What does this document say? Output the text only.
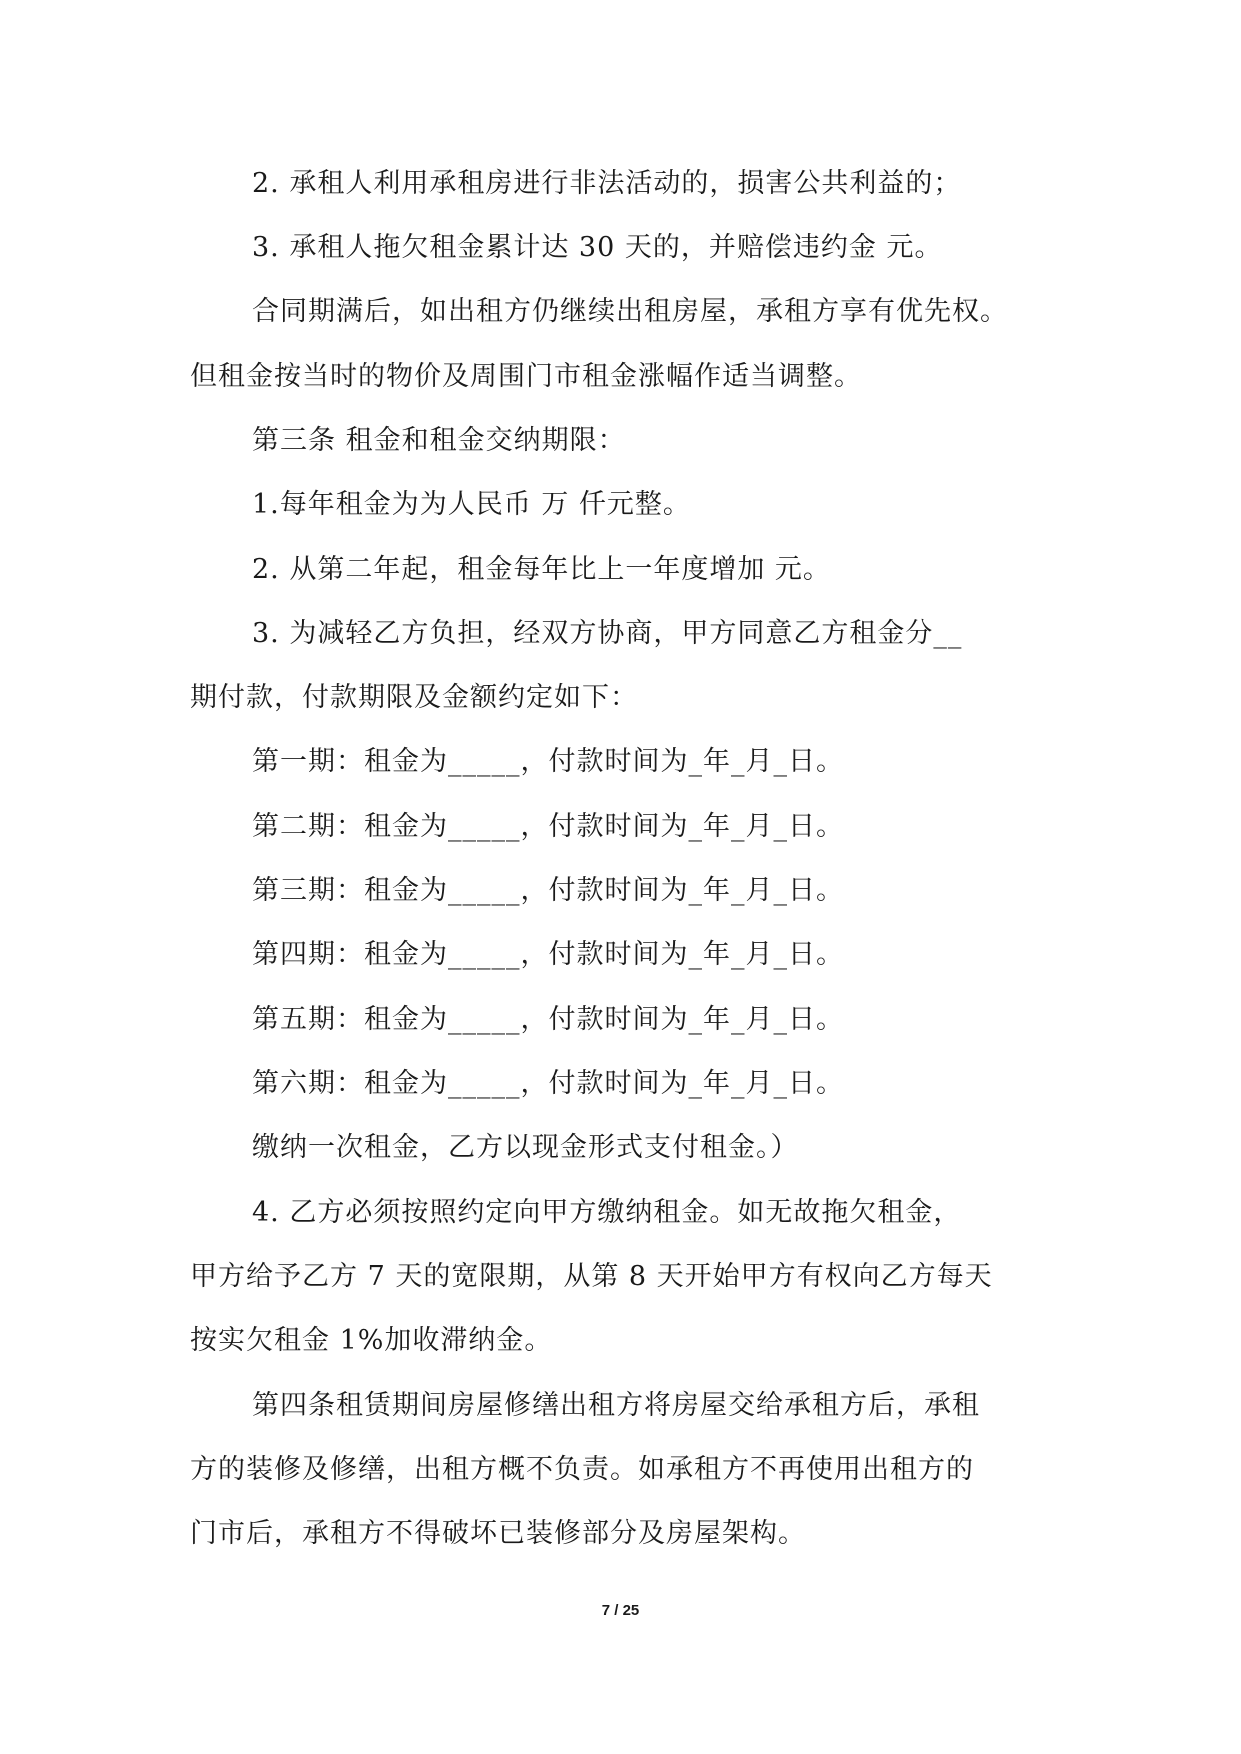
2. 承租人利用承租房进行非法活动的，损害公共利益的；
3. 承租人拖欠租金累计达 30 天的，并赔偿违约金 元。
合同期满后，如出租方仍继续出租房屋，承租方享有优先权。
但租金按当时的物价及周围门市租金涨幅作适当调整。
第三条 租金和租金交纳期限：
1.每年租金为为人民币 万 仟元整。
2. 从第二年起，租金每年比上一年度增加 元。
3. 为减轻乙方负担，经双方协商，甲方同意乙方租金分__
期付款，付款期限及金额约定如下：
第一期：租金为_____，付款时间为_年_月_日。
第二期：租金为_____，付款时间为_年_月_日。
第三期：租金为_____，付款时间为_年_月_日。
第四期：租金为_____，付款时间为_年_月_日。
第五期：租金为_____，付款时间为_年_月_日。
第六期：租金为_____，付款时间为_年_月_日。
缴纳一次租金，乙方以现金形式支付租金。）
4. 乙方必须按照约定向甲方缴纳租金。如无故拖欠租金，
甲方给予乙方 7 天的宽限期，从第 8 天开始甲方有权向乙方每天
按实欠租金 1%加收滞纳金。
第四条租赁期间房屋修缮出租方将房屋交给承租方后，承租
方的装修及修缮，出租方概不负责。如承租方不再使用出租方的
门市后，承租方不得破坏已装修部分及房屋架构。
7 / 25
